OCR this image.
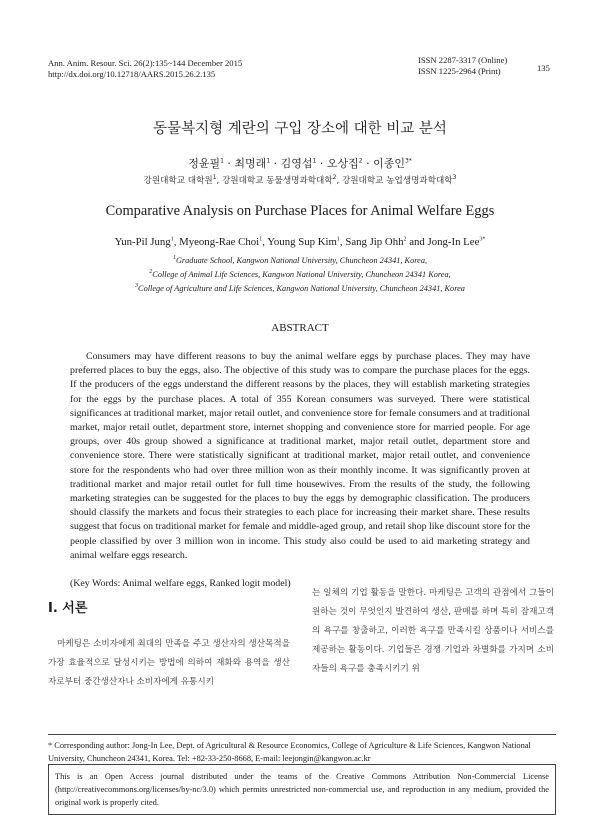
Ann. Anim. Resour. Sci. 26(2):135~144 December 2015
http://dx.doi.org/10.12718/AARS.2015.26.2.135
ISSN 2287-3317 (Online)
ISSN 1225-2964 (Print)	135
동물복지형 계란의 구입 장소에 대한 비교 분석
정윤필$^1$ · 최명래$^1$ · 김영섭$^1$ · 오상집$^2$ · 이종인$^{3*}$
강원대학교 대학원$^1$, 강원대학교 동물생명과학대학$^2$, 강원대학교 농업생명과학대학$^3$
Comparative Analysis on Purchase Places for Animal Welfare Eggs
Yun-Pil Jung$^1$, Myeong-Rae Choi$^1$, Young Sup Kim$^1$, Sang Jip Ohh$^2$ and Jong-In Lee$^{3*}$
$^1$Graduate School, Kangwon National University, Chuncheon 24341, Korea,
$^2$College of Animal Life Sciences, Kangwon National University, Chuncheon 24341 Korea,
$^3$College of Agriculture and Life Sciences, Kangwon National University, Chuncheon 24341, Korea
ABSTRACT

Consumers may have different reasons to buy the animal welfare eggs by purchase places. They may have preferred places to buy the eggs, also. The objective of this study was to compare the purchase places for the eggs. If the producers of the eggs understand the different reasons by the places, they will establish marketing strategies for the eggs by the purchase places. A total of 355 Korean consumers was surveyed. There were statistical significances at traditional market, major retail outlet, and convenience store for female consumers and at traditional market, major retail outlet, department store, internet shopping and convenience store for married people. For age groups, over 40s group showed a significance at traditional market, major retail outlet, department store and convenience store. There were statistically significant at traditional market, major retail outlet, and convenience store for the respondents who had over three million won as their monthly income. It was significantly proven at traditional market and major retail outlet for full time housewives. From the results of the study, the following marketing strategies can be suggested for the places to buy the eggs by demographic classification. The producers should classify the markets and focus their strategies to each place for increasing their market share. These results suggest that focus on traditional market for female and middle-aged group, and retail shop like discount store for the people classified by over 3 million won in income. This study also could be used to aid marketing strategy and animal welfare eggs research.

(Key Words: Animal welfare eggs, Ranked logit model)
I. 서론

마케팅은 소비자에게 최대의 만족을 주고 생산자의 생산목적을 가장 효율적으로 달성시키는 방법에 의하여 재화와 용역을 생산자로부터 중간생산자나 소비자에게 유통시키

는 일체의 기업 활동을 말한다. 마케팅은 고객의 관점에서 그들이 원하는 것이 무엇인지 발견하여 생산, 판매를 하며 특히 잠재고객의 욕구를 창출하고, 이러한 욕구를 만족시킬 상품이나 서비스를 제공하는 활동이다. 기업들은 경쟁 기업과 차별화를 가지며 소비자들의 욕구를 충족시키기 위

* Corresponding author: Jong-In Lee, Dept. of Agricultural & Resource Economics, College of Agriculture & Life Sciences, Kangwon National University, Chuncheon 24341, Korea. Tel: +82-33-250-8668, E-mail: leejongin@kangwon.ac.kr

This is an Open Access journal distributed under the teams of the Creative Commons Attribution Non-Commercial License (http://creativecommons.org/licenses/by-nc/3.0) which permits unrestricted non-commercial use, and reproduction in any medium, provided the original work is properly cited.
